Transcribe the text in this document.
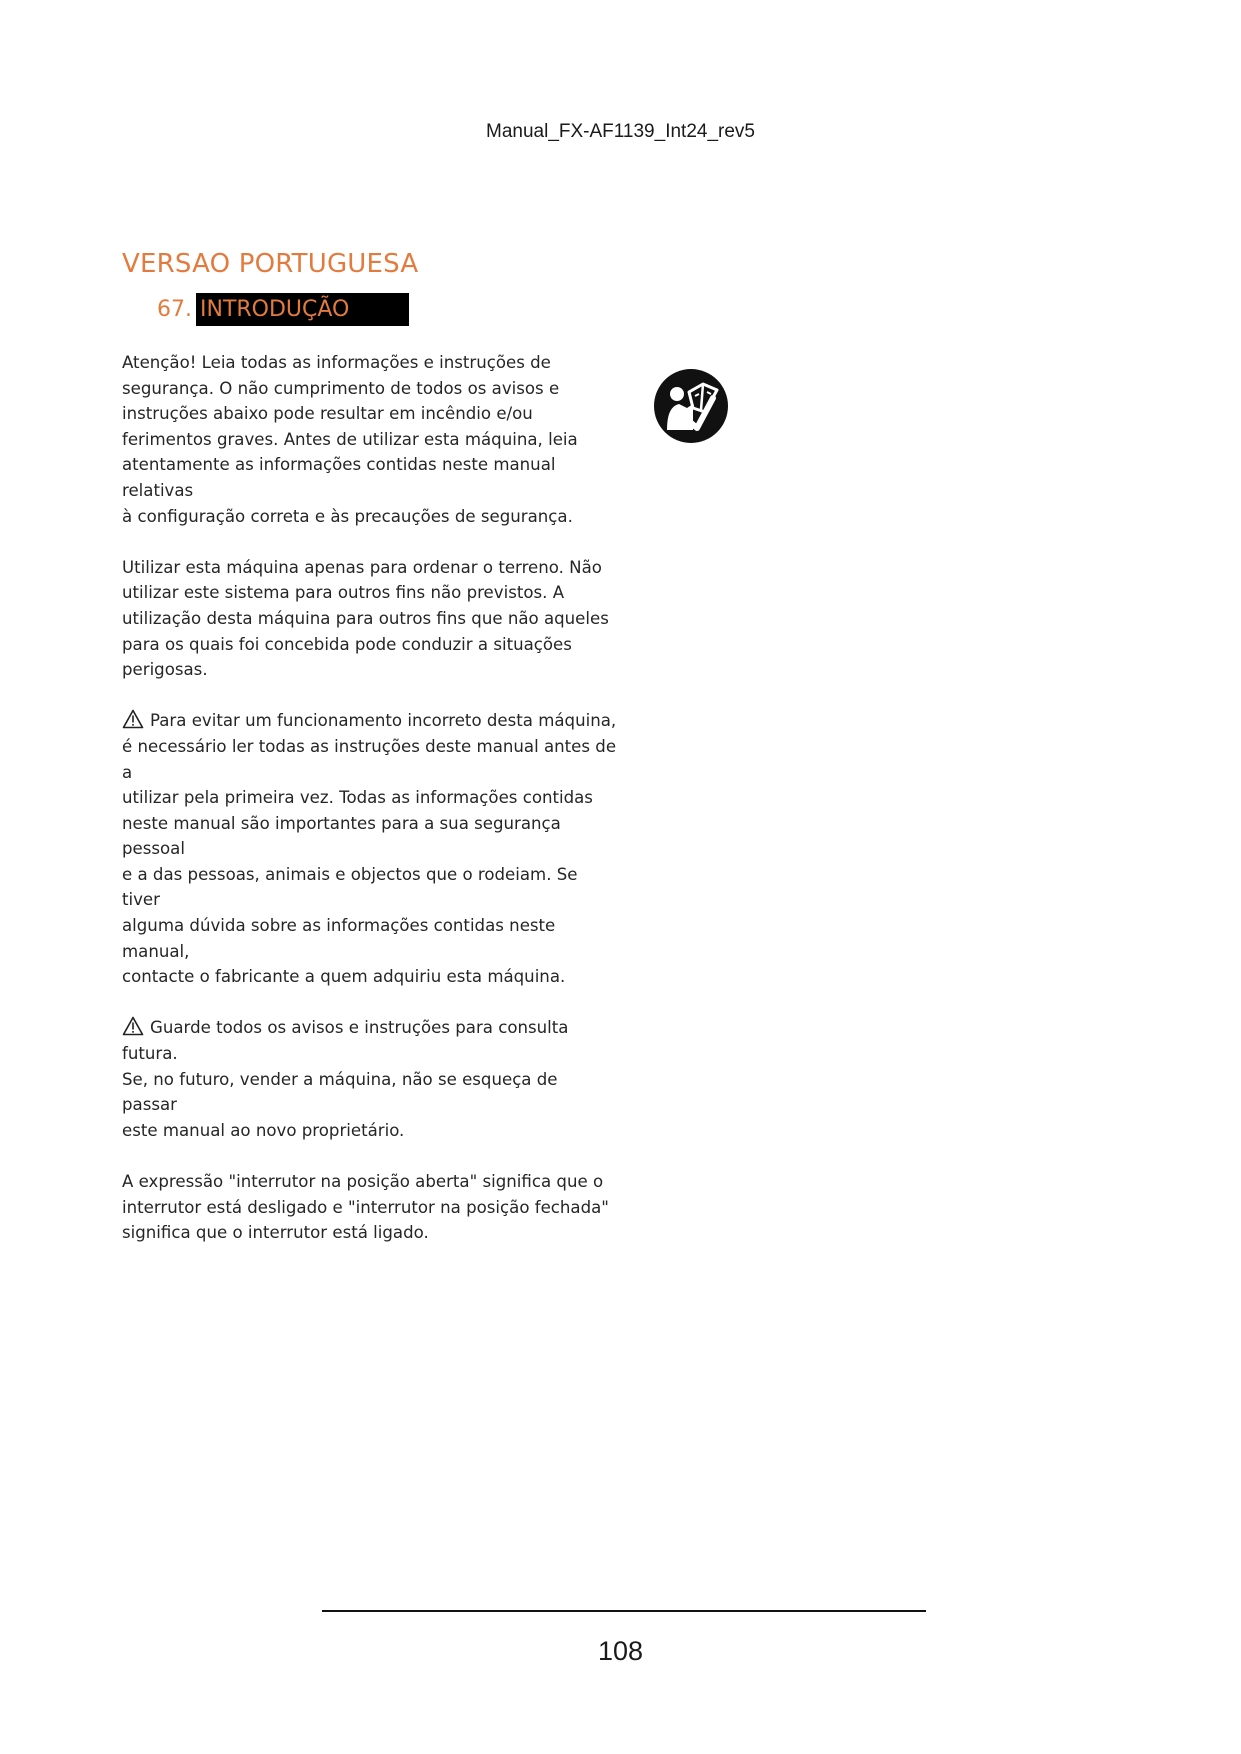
Manual_FX-AF1139_Int24_rev5
VERSAO PORTUGUESA
67. INTRODUÇÃO

Atenção! Leia todas as informações e instruções de
segurança. O não cumprimento de todos os avisos e
instruções abaixo pode resultar em incêndio e/ou
ferimentos graves. Antes de utilizar esta máquina, leia
atentamente as informações contidas neste manual relativas
à configuração correta e às precauções de segurança.

Utilizar esta máquina apenas para ordenar o terreno. Não
utilizar este sistema para outros fins não previstos. A
utilização desta máquina para outros fins que não aqueles
para os quais foi concebida pode conduzir a situações
perigosas.

Para evitar um funcionamento incorreto desta máquina,
é necessário ler todas as instruções deste manual antes de a
utilizar pela primeira vez. Todas as informações contidas
neste manual são importantes para a sua segurança pessoal
e a das pessoas, animais e objectos que o rodeiam. Se tiver
alguma dúvida sobre as informações contidas neste manual,
contacte o fabricante a quem adquiriu esta máquina.

Guarde todos os avisos e instruções para consulta futura.
Se, no futuro, vender a máquina, não se esqueça de passar
este manual ao novo proprietário.

A expressão "interrutor na posição aberta" significa que o
interrutor está desligado e "interrutor na posição fechada"
significa que o interrutor está ligado.

108
